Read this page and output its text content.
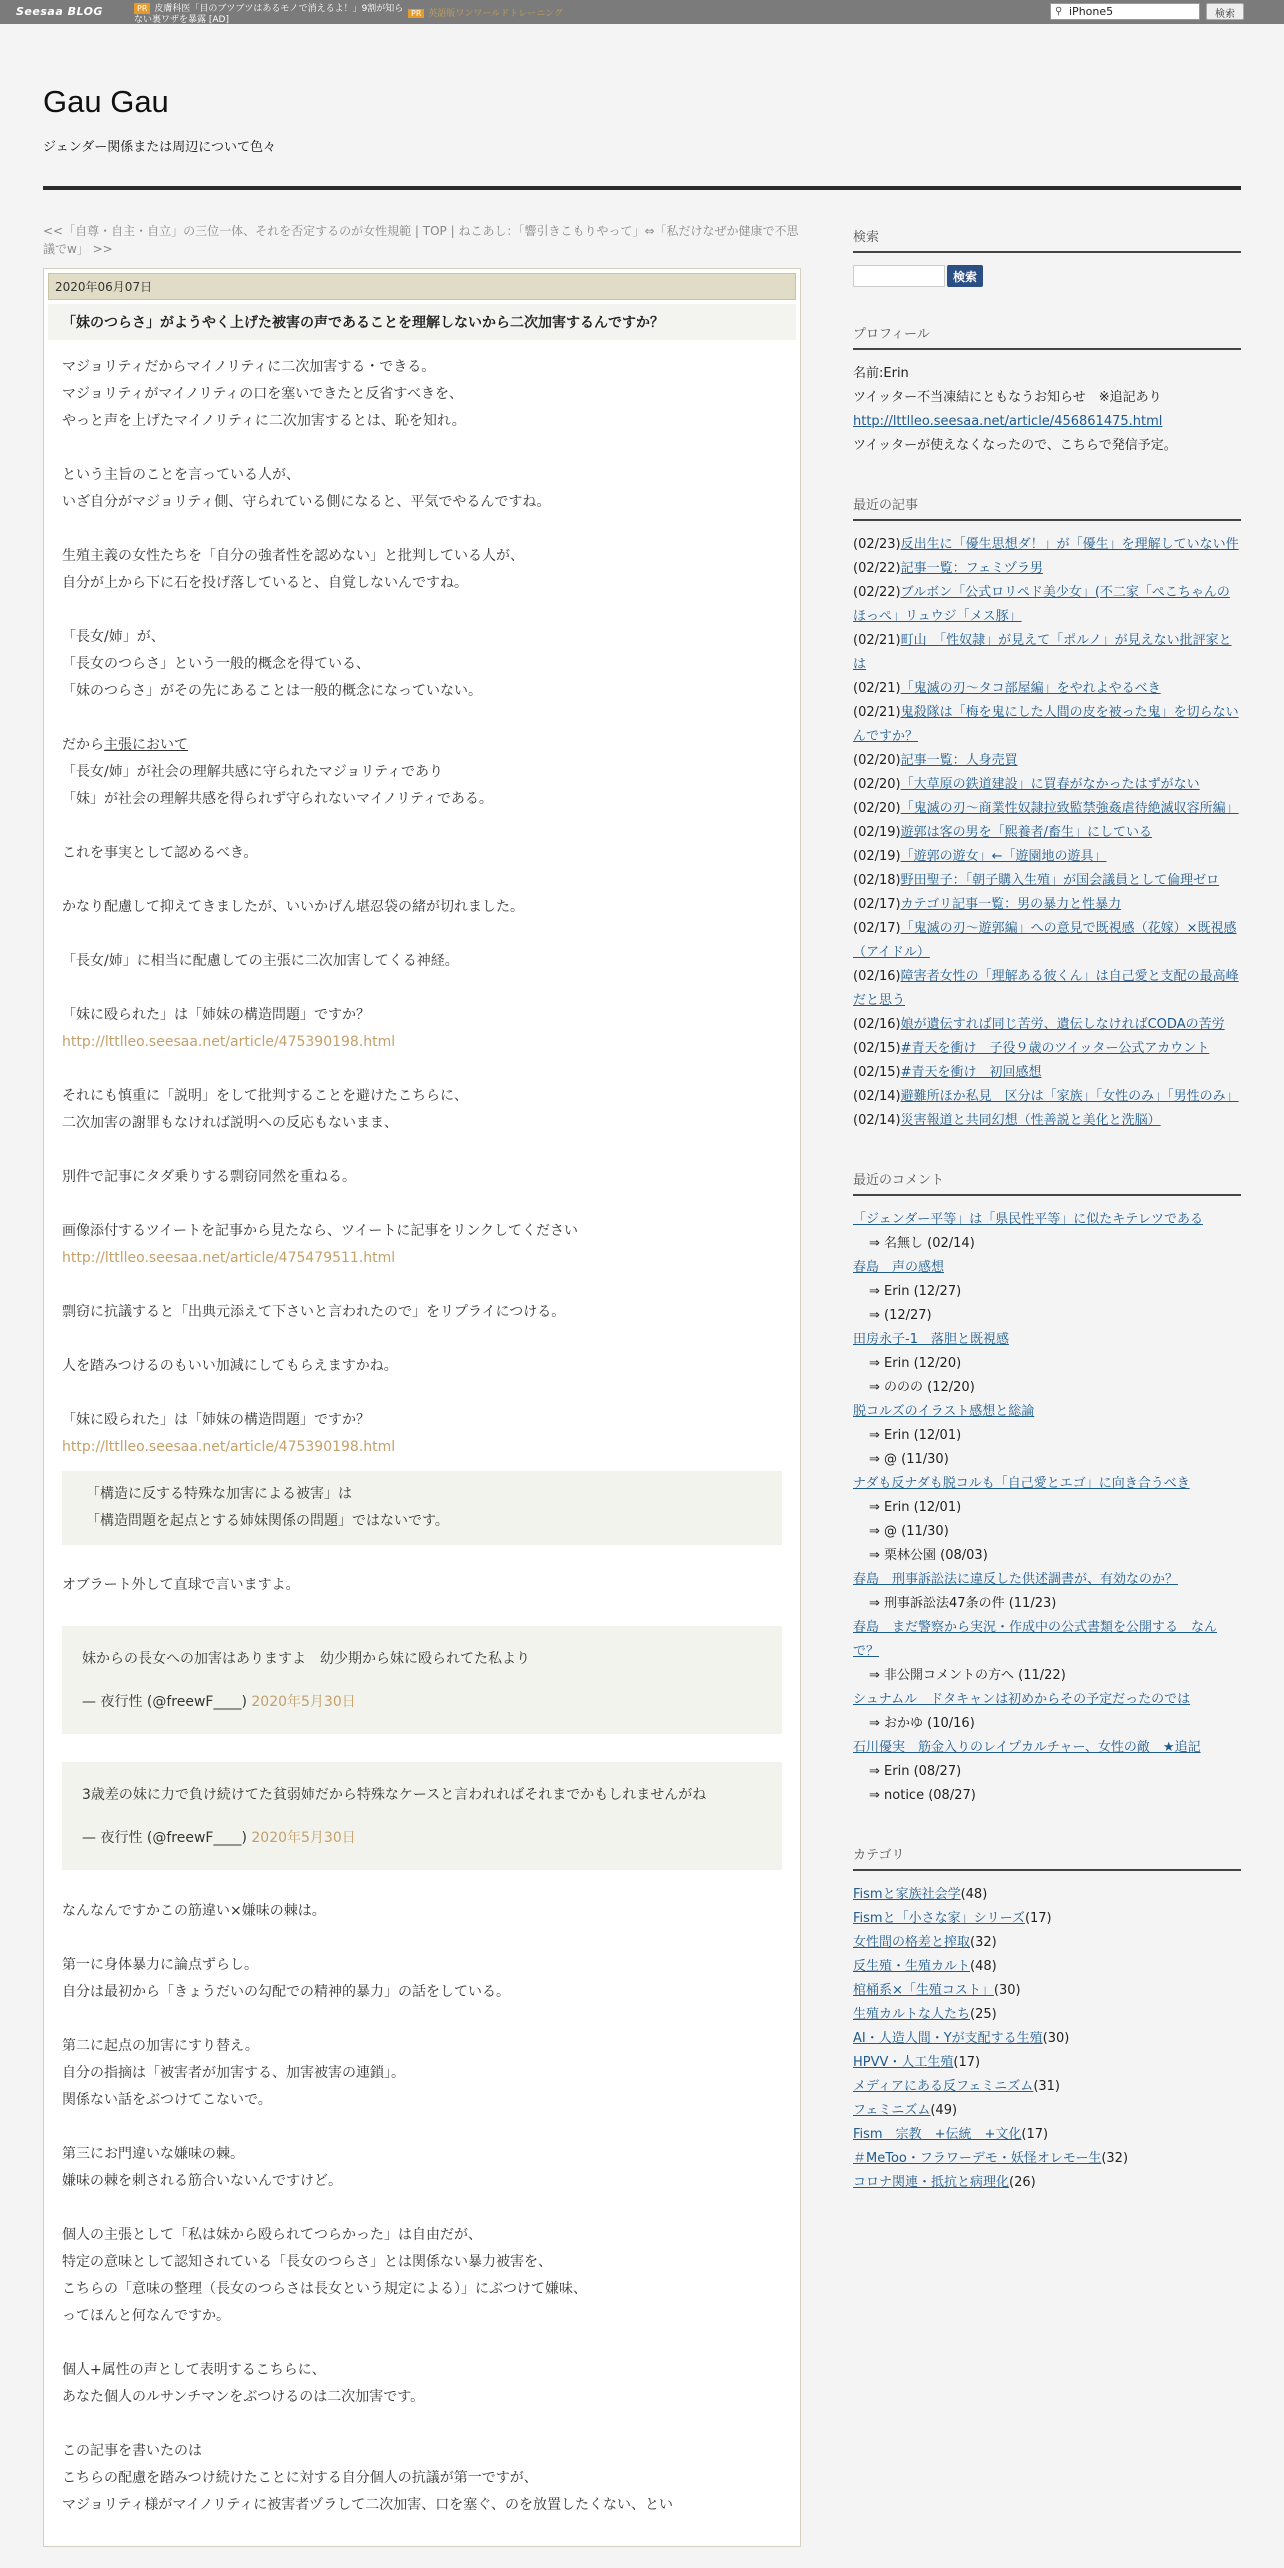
Seesaa BLOG	PR 皮膚科医「目のブツブツはあるモノで消えるよ！」9割が知らない裏ワザを暴露 [AD]
PR 英語版ワンワールドトレーニング	⚲ iPhone5	検索
Gau Gau
ジェンダー関係または周辺について色々
<<「自尊・自主・自立」の三位一体、それを否定するのが女性規範 | TOP | ねこあし：「響引きこもりやって」⇔「私だけなぜか健康で不思議でw」 >>
2020年06月07日
「妹のつらさ」がようやく上げた被害の声であることを理解しないから二次加害するんですか？

マジョリティだからマイノリティに二次加害する・できる。
マジョリティがマイノリティの口を塞いできたと反省すべきを、
やっと声を上げたマイノリティに二次加害するとは、恥を知れ。

という主旨のことを言っている人が、
いざ自分がマジョリティ側、守られている側になると、平気でやるんですね。

生殖主義の女性たちを「自分の強者性を認めない」と批判している人が、
自分が上から下に石を投げ落していると、自覚しないんですね。

「長女/姉」が、
「長女のつらさ」という一般的概念を得ている、
「妹のつらさ」がその先にあることは一般的概念になっていない。

だから主張において
「長女/姉」が社会の理解共感に守られたマジョリティであり
「妹」が社会の理解共感を得られず守られないマイノリティである。

これを事実として認めるべき。

かなり配慮して抑えてきましたが、いいかげん堪忍袋の緒が切れました。

「長女/姉」に相当に配慮しての主張に二次加害してくる神経。

「妹に殴られた」は「姉妹の構造問題」ですか？
http://lttlleo.seesaa.net/article/475390198.html

それにも慎重に「説明」をして批判することを避けたこちらに、
二次加害の謝罪もなければ説明への反応もないまま、

別件で記事にタダ乗りする剽窃同然を重ねる。

画像添付するツイートを記事から見たなら、ツイートに記事をリンクしてください
http://lttlleo.seesaa.net/article/475479511.html

剽窃に抗議すると「出典元添えて下さいと言われたので」をリプライにつける。

人を踏みつけるのもいい加減にしてもらえますかね。

「妹に殴られた」は「姉妹の構造問題」ですか？
http://lttlleo.seesaa.net/article/475390198.html

「構造に反する特殊な加害による被害」は
「構造問題を起点とする姉妹関係の問題」ではないです。

オブラート外して直球で言いますよ。

妹からの長女への加害はありますよ　幼少期から妹に殴られてた私より
— 夜行性 (@freewF____) 2020年5月30日
3歳差の妹に力で負け続けてた貧弱姉だから特殊なケースと言われればそれまでかもしれませんがね
— 夜行性 (@freewF____) 2020年5月30日

なんなんですかこの筋違い×嫌味の棘は。

第一に身体暴力に論点ずらし。
自分は最初から「きょうだいの勾配での精神的暴力」の話をしている。

第二に起点の加害にすり替え。
自分の指摘は「被害者が加害する、加害被害の連鎖」。
関係ない話をぶつけてこないで。

第三にお門違いな嫌味の棘。
嫌味の棘を刺される筋合いないんですけど。

個人の主張として「私は妹から殴られてつらかった」は自由だが、
特定の意味として認知されている「長女のつらさ」とは関係ない暴力被害を、
こちらの「意味の整理（長女のつらさは長女という規定による）」にぶつけて嫌味、
ってほんと何なんですか。

個人+属性の声として表明するこちらに、
あなた個人のルサンチマンをぶつけるのは二次加害です。

この記事を書いたのは
こちらの配慮を踏みつけ続けたことに対する自分個人の抗議が第一ですが、
マジョリティ様がマイノリティに被害者ヅラして二次加害、口を塞ぐ、のを放置したくない、とい

検索
検索
プロフィール
名前:Erin
ツイッター不当凍結にともなうお知らせ　※追記あり
http://lttlleo.seesaa.net/article/456861475.html
ツイッターが使えなくなったので、こちらで発信予定。
最近の記事
(02/23)反出生に「優生思想ダ！」が「優生」を理解していない件
(02/22)記事一覧：フェミヅラ男
(02/22)ブルボン「公式ロリペド美少女」(不二家「ぺこちゃんのほっぺ」リュウジ「メス豚」
(02/21)町山　「性奴隷」が見えて「ポルノ」が見えない批評家とは
(02/21)「鬼滅の刃～タコ部屋編」をやれよやるべき
(02/21)鬼殺隊は「梅を鬼にした人間の皮を被った鬼」を切らないんですか？
(02/20)記事一覧：人身売買
(02/20)「大草原の鉄道建設」に買春がなかったはずがない
(02/20)「鬼滅の刃～商業性奴隷拉致監禁強姦虐待絶滅収容所編」
(02/19)遊郭は客の男を「熙養者/畜生」にしている
(02/19)「遊郭の遊女」←「遊園地の遊具」
(02/18)野田聖子：「朝子購入生殖」が国会議員として倫理ゼロ
(02/17)カテゴリ記事一覧：男の暴力と性暴力
(02/17)「鬼滅の刃～遊郭編」への意見で既視感（花嫁）×既視感（アイドル）
(02/16)障害者女性の「理解ある彼くん」は自己愛と支配の最高峰だと思う
(02/16)娘が遺伝すれば同じ苦労、遺伝しなければCODAの苦労
(02/15)#青天を衝け　子役９歳のツイッター公式アカウント
(02/15)#青天を衝け　初回感想
(02/14)避難所ほか私見　区分は「家族」「女性のみ」「男性のみ」
(02/14)災害報道と共同幻想（性善説と美化と洗脳）
最近のコメント
「ジェンダー平等」は「県民性平等」に似たキテレツである
⇒ 名無し (02/14)
春島　声の感想
⇒ Erin (12/27)
⇒ (12/27)
田房永子-1　落胆と既視感
⇒ Erin (12/20)
⇒ ののの (12/20)
脱コルズのイラスト感想と総論
⇒ Erin (12/01)
⇒ @ (11/30)
ナダも反ナダも脱コルも「自己愛とエゴ」に向き合うべき
⇒ Erin (12/01)
⇒ @ (11/30)
⇒ 栗林公園 (08/03)
春島　刑事訴訟法に違反した供述調書が、有効なのか？
⇒ 刑事訴訟法47条の件 (11/23)
春島　まだ警察から実況・作成中の公式書類を公開する　なんで？
⇒ 非公開コメントの方へ (11/22)
シュナムル　ドタキャンは初めからその予定だったのでは
⇒ おかゆ (10/16)
石川優実　筋金入りのレイプカルチャー、女性の敵　★追記
⇒ Erin (08/27)
⇒ notice (08/27)
カテゴリ
Fismと家族社会学(48)
Fismと「小さな家」シリーズ(17)
女性間の格差と搾取(32)
反生殖・生殖カルト(48)
棺桶系×「生殖コスト」(30)
生殖カルトな人たち(25)
AI・人造人間・Yが支配する生殖(30)
HPVV・人工生殖(17)
メディアにある反フェミニズム(31)
フェミニズム(49)
Fism　宗教　+伝統　+文化(17)
＃MeToo・フラワーデモ・妖怪オレモー生(32)
コロナ関連・抵抗と病理化(26)
